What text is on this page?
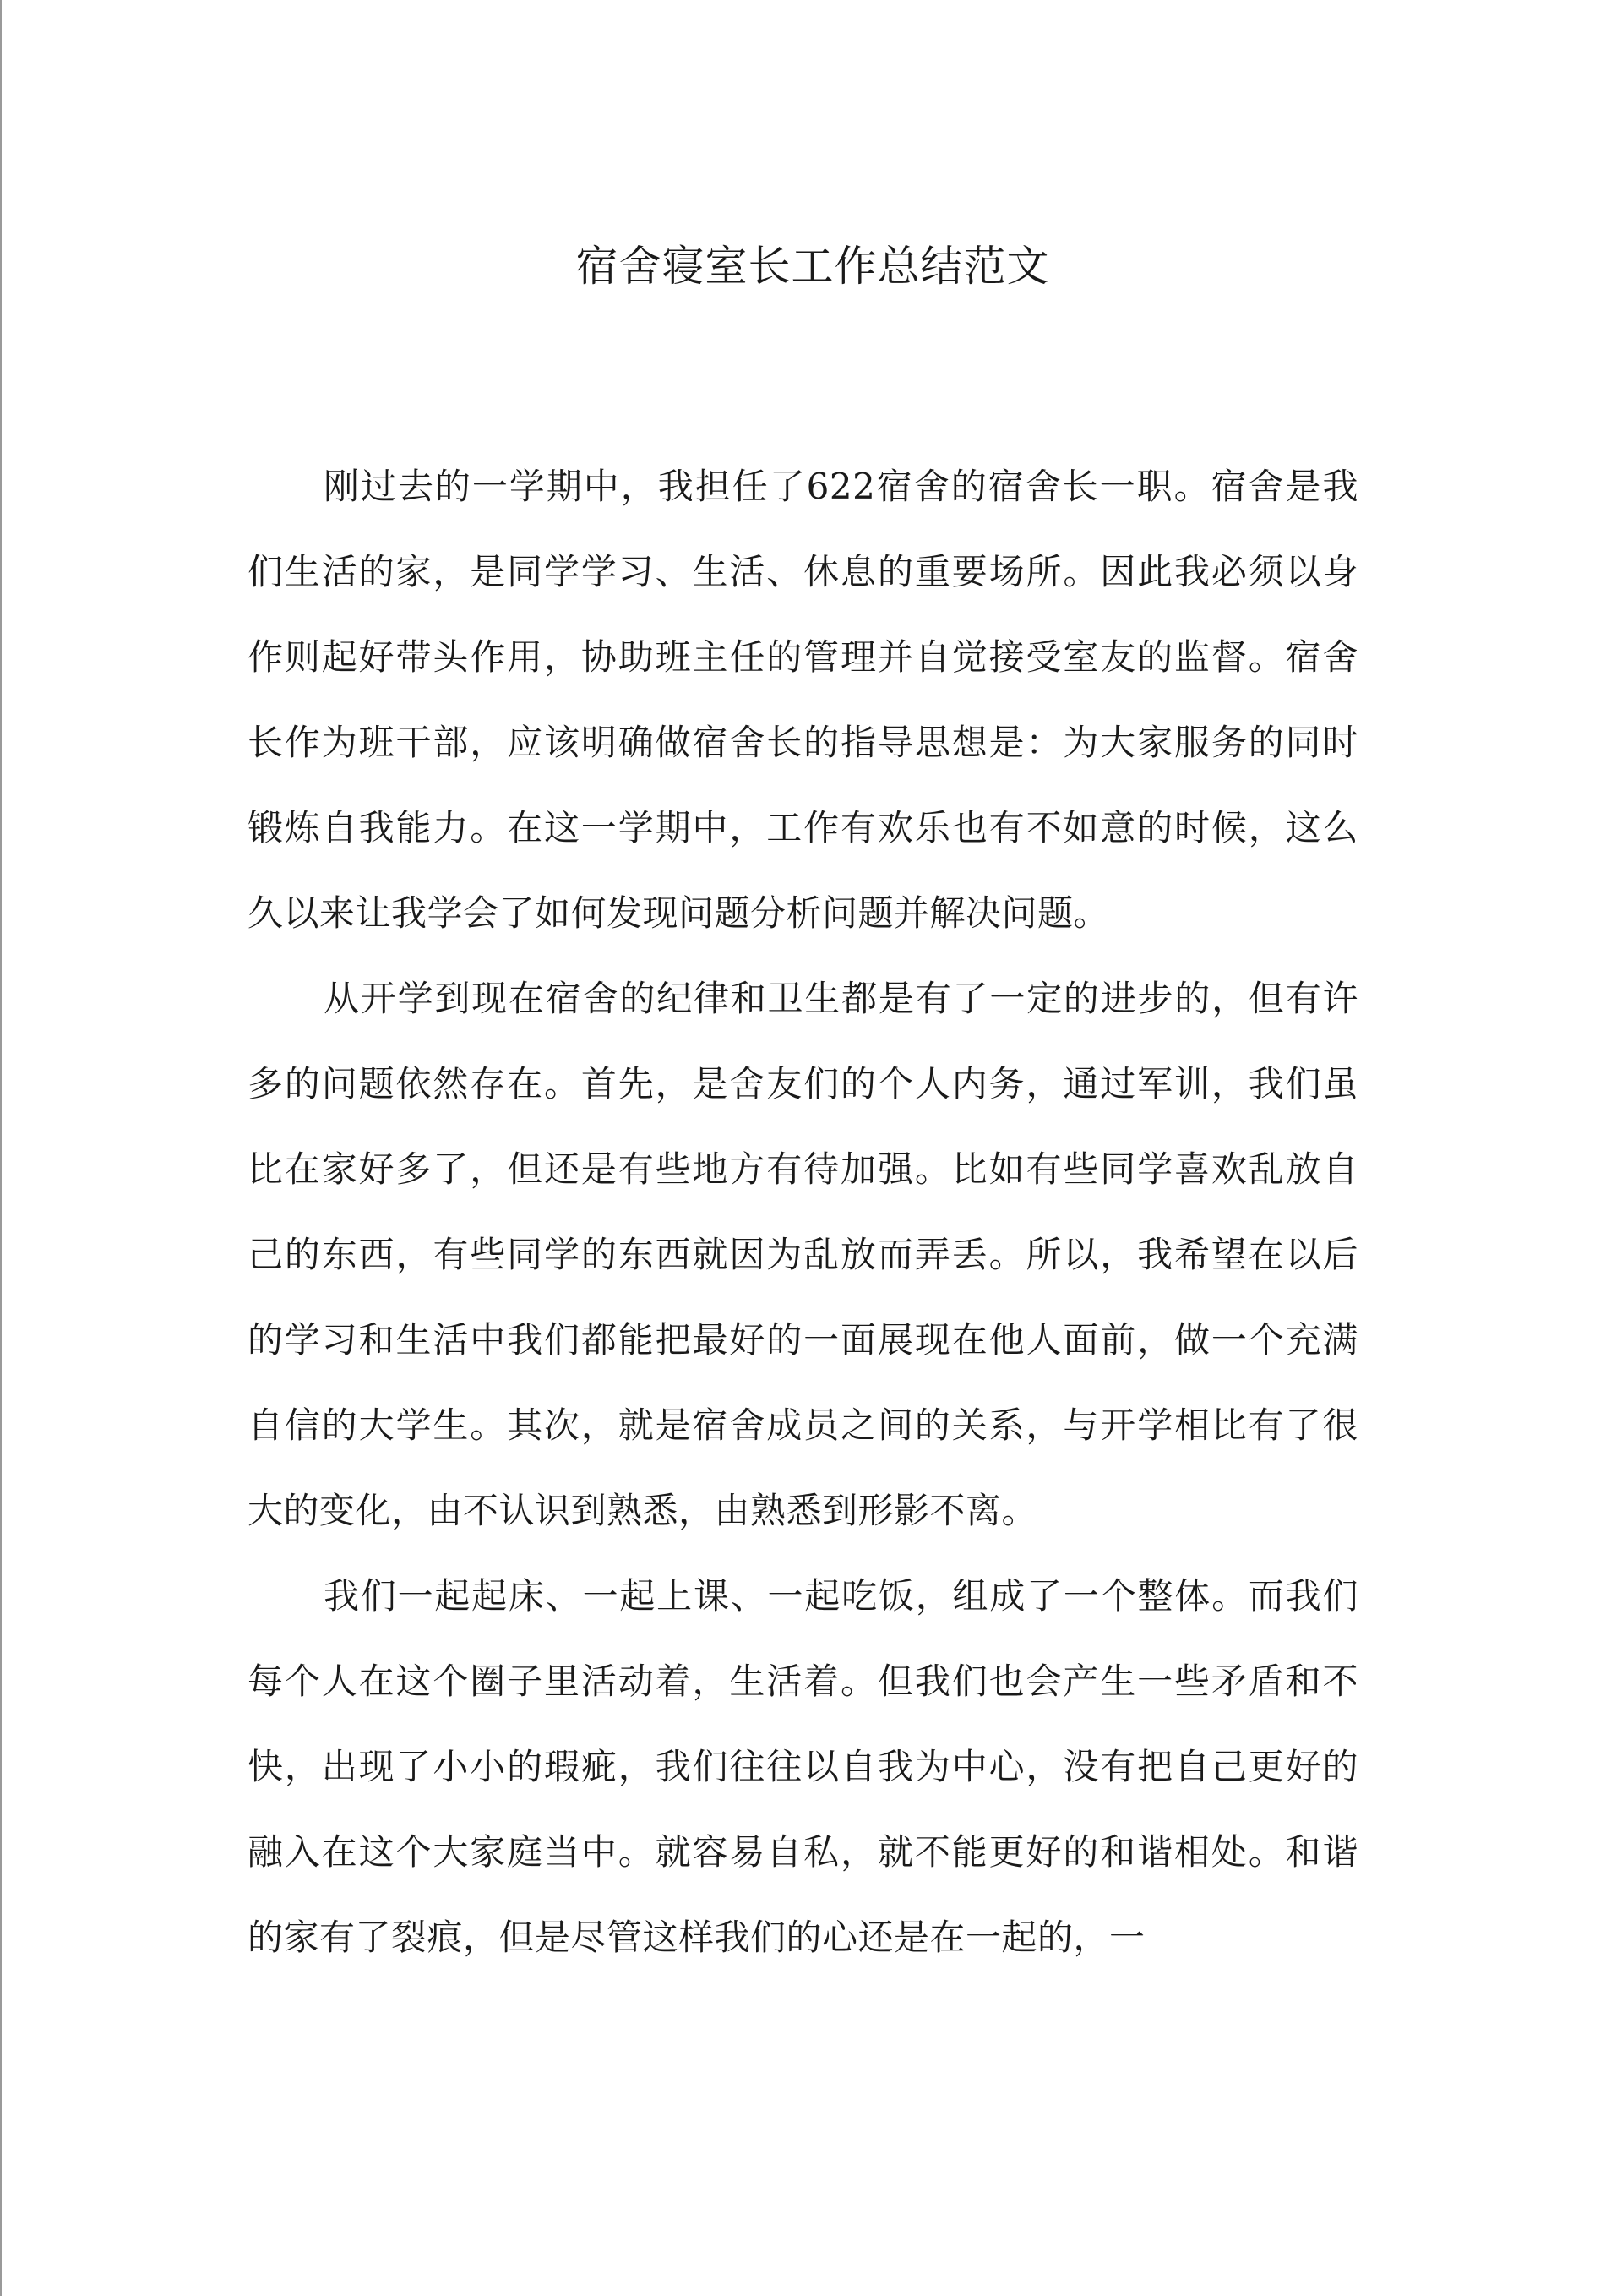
宿舍寝室长工作总结范文

刚过去的一学期中，我担任了622宿舍的宿舍长一职。宿舍是我们生活的家，是同学学习、生活、休息的重要场所。因此我必须以身作则起好带头作用，协助班主任的管理并自觉接受室友的监督。宿舍长作为班干部，应该明确做宿舍长的指导思想是：为大家服务的同时锻炼自我能力。在这一学期中，工作有欢乐也有不如意的时候，这么久以来让我学会了如何发现问题分析问题并解决问题。

从开学到现在宿舍的纪律和卫生都是有了一定的进步的，但有许多的问题依然存在。首先，是舍友们的个人内务，通过军训，我们虽比在家好多了，但还是有些地方有待加强。比如有些同学喜欢乱放自己的东西，有些同学的东西就因为乱放而弄丢。所以，我希望在以后的学习和生活中我们都能把最好的一面展现在他人面前，做一个充满自信的大学生。其次，就是宿舍成员之间的关系，与开学相比有了很大的变化，由不认识到熟悉，由熟悉到形影不离。

我们一起起床、一起上课、一起吃饭，组成了一个整体。而我们每个人在这个圈子里活动着，生活着。但我们也会产生一些矛盾和不快，出现了小小的瑕疵，我们往往以自我为中心，没有把自己更好的融入在这个大家庭当中。就容易自私，就不能更好的和谐相处。和谐的家有了裂痕，但是尽管这样我们的心还是在一起的，一
